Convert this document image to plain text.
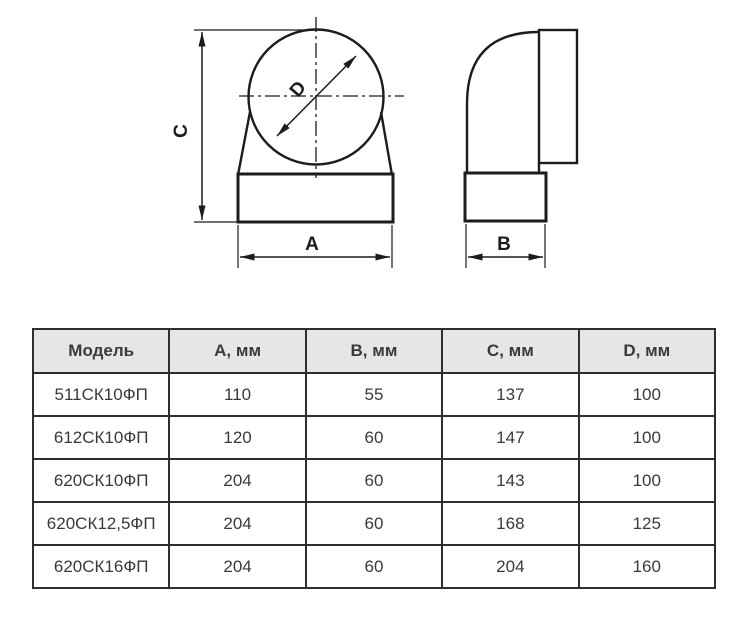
C
A
D
B
Модель	A, мм	B, мм	C, мм	D, мм
511СК10ФП	110	55	137	100
612СК10ФП	120	60	147	100
620СК10ФП	204	60	143	100
620СК12,5ФП	204	60	168	125
620СК16ФП	204	60	204	160
